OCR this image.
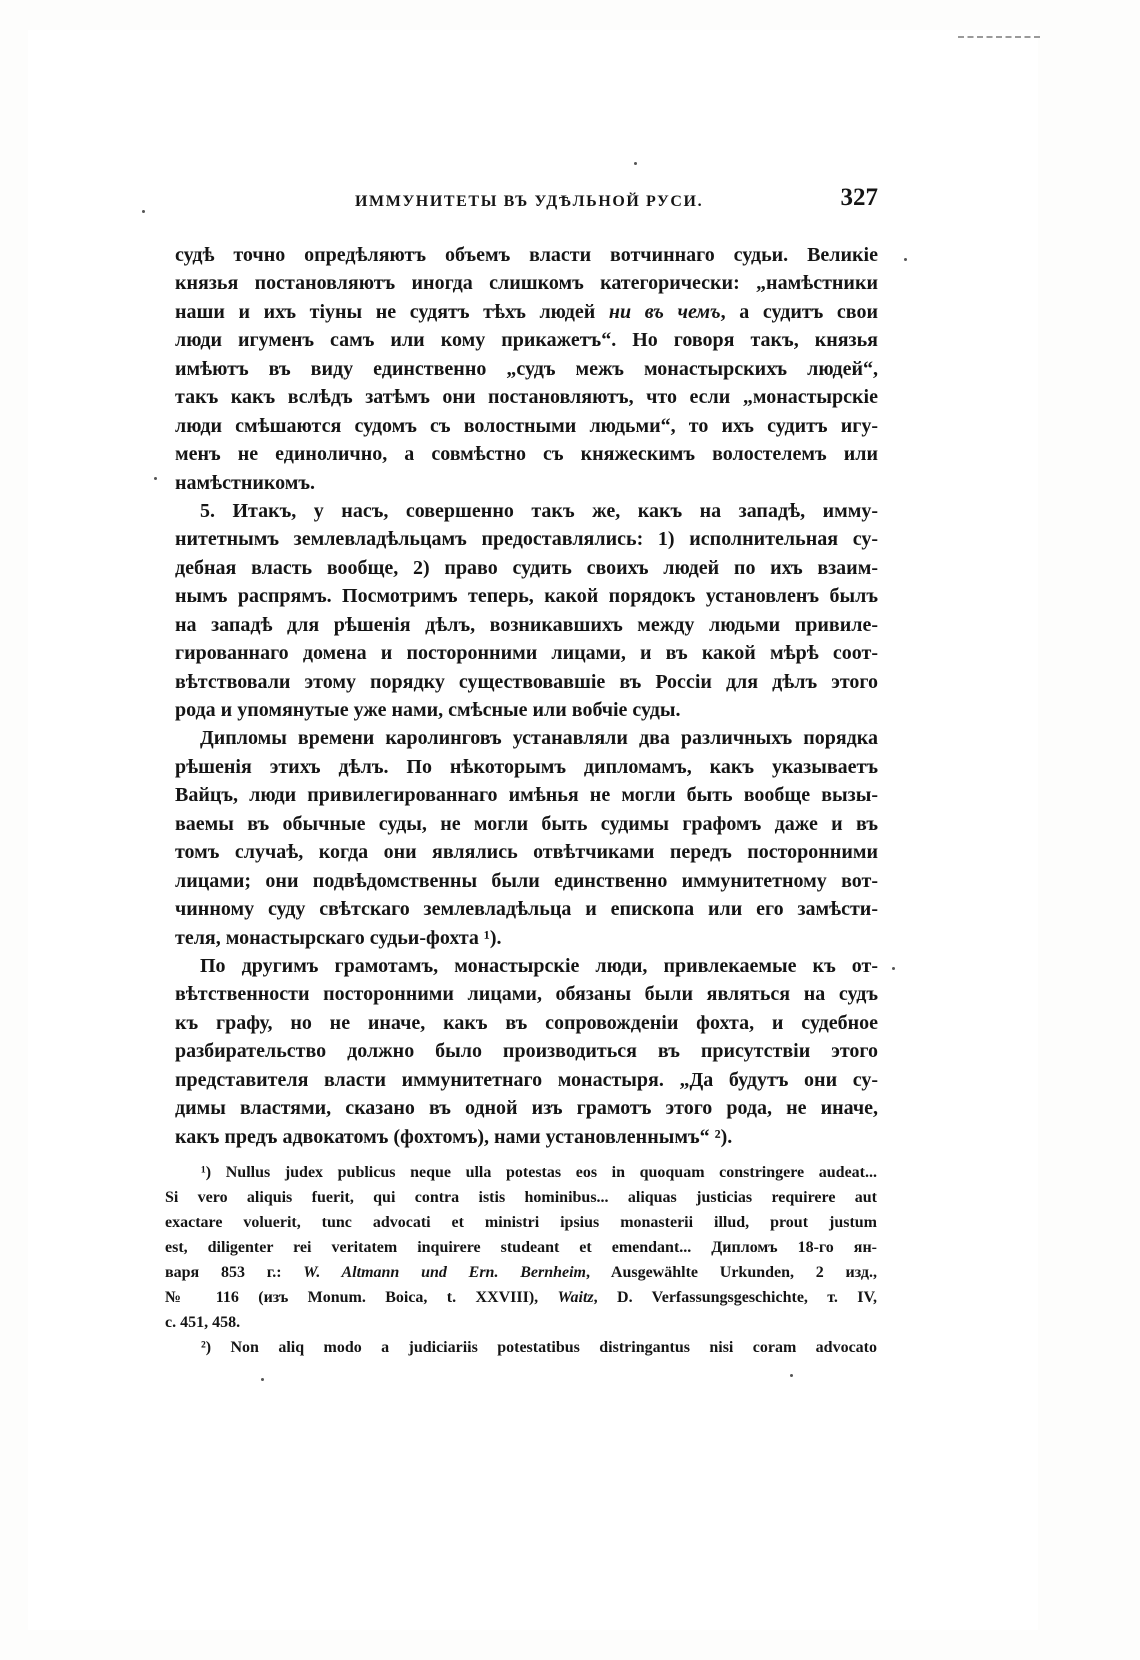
ИММУНИТЕТЫ ВЪ УДѢЛЬНОЙ РУСИ.	327
судѣ точно опредѣляютъ объемъ власти вотчиннаго судьи. Великіе
князья постановляютъ иногда слишкомъ категорически: „намѣстники
наши и ихъ тіуны не судятъ тѣхъ людей ни въ чемъ, а судитъ свои
люди игуменъ самъ или кому прикажетъ“. Но говоря такъ, князья
имѣютъ въ виду единственно „судъ межъ монастырскихъ людей“,
такъ какъ вслѣдъ затѣмъ они постановляютъ, что если „монастырскіе
люди смѣшаются судомъ съ волостными людьми“, то ихъ судитъ игу-
менъ не единолично, а совмѣстно съ княжескимъ волостелемъ или
намѣстникомъ.
5. Итакъ, у насъ, совершенно такъ же, какъ на западѣ, имму-
нитетнымъ землевладѣльцамъ предоставлялись: 1) исполнительная су-
дебная власть вообще, 2) право судить своихъ людей по ихъ взаим-
нымъ распрямъ. Посмотримъ теперь, какой порядокъ установленъ былъ
на западѣ для рѣшенія дѣлъ, возникавшихъ между людьми привиле-
гированнаго домена и посторонними лицами, и въ какой мѣрѣ соот-
вѣтствовали этому порядку существовавшіе въ Россіи для дѣлъ этого
рода и упомянутые уже нами, смѣсные или вобчіе суды.
Дипломы времени каролинговъ устанавляли два различныхъ порядка
рѣшенія этихъ дѣлъ. По нѣкоторымъ дипломамъ, какъ указываетъ
Вайцъ, люди привилегированнаго имѣнья не могли быть вообще вызы-
ваемы въ обычные суды, не могли быть судимы графомъ даже и въ
томъ случаѣ, когда они являлись отвѣтчиками передъ посторонними
лицами; они подвѣдомственны были единственно иммунитетному вот-
чинному суду свѣтскаго землевладѣльца и епископа или его замѣсти-
теля, монастырскаго судьи-фохта ¹).
По другимъ грамотамъ, монастырскіе люди, привлекаемые къ от-
вѣтственности посторонними лицами, обязаны были являться на судъ
къ графу, но не иначе, какъ въ сопровожденіи фохта, и судебное
разбирательство должно было производиться въ присутствіи этого
представителя власти иммунитетнаго монастыря. „Да будутъ они су-
димы властями, сказано въ одной изъ грамотъ этого рода, не иначе,
какъ предъ адвокатомъ (фохтомъ), нами установленнымъ“ ²).
¹) Nullus judex publicus neque ulla potestas eos in quoquam constringere audeat...
Si vero aliquis fuerit, qui contra istis hominibus... aliquas justicias requirere aut
exactare voluerit, tunc advocati et ministri ipsius monasterii illud, prout justum
est, diligenter rei veritatem inquirere studeant et emendant... Дипломъ 18-го ян-
варя 853 г.: W. Altmann und Ern. Bernheim, Ausgewählte Urkunden, 2 изд.,
№ 116 (изъ Monum. Boica, t. XXVIII), Waitz, D. Verfassungsgeschichte, т. IV,
с. 451, 458.
²) Non aliq modo a judiciariis potestatibus distringantus nisi coram advocato
